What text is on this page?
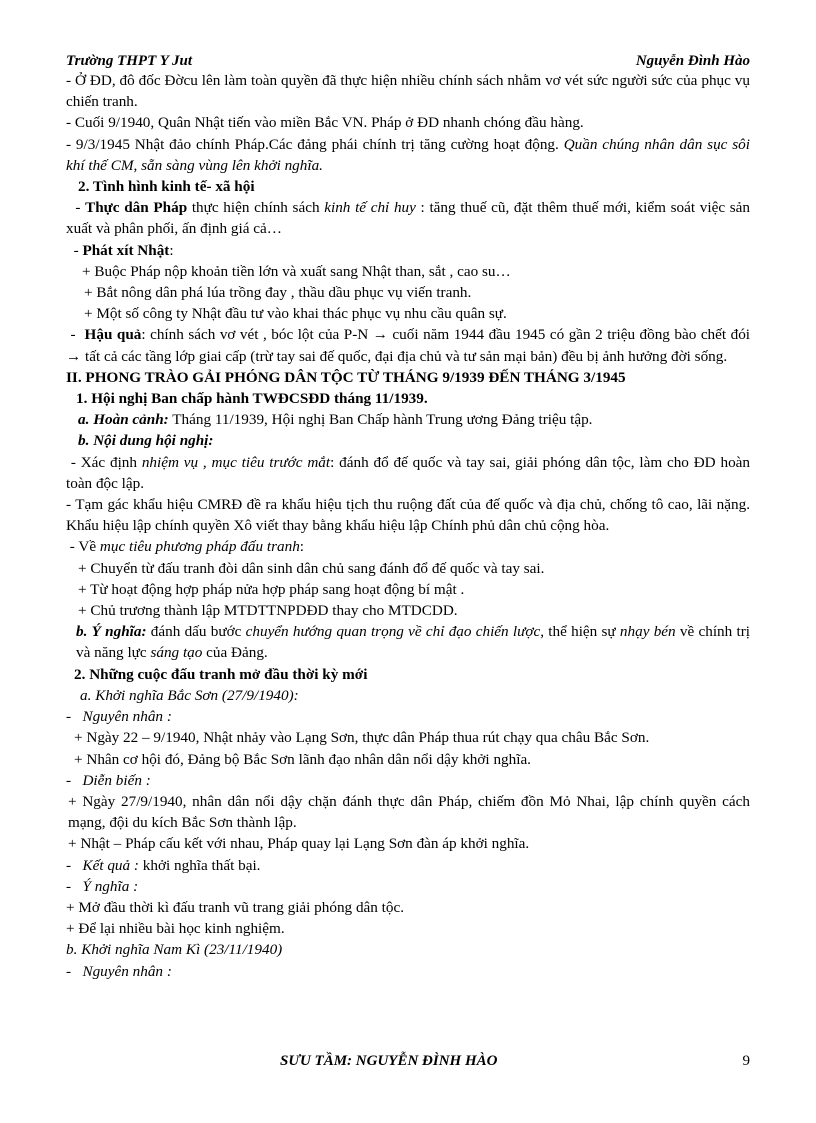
Trường THPT Y Jut	Nguyễn Đình Hào

- Ở ĐD, đô đốc Đờcu lên làm toàn quyền đã thực hiện nhiều chính sách nhằm vơ vét sức người sức của phục vụ chiến tranh.

- Cuối 9/1940, Quân Nhật tiến vào miền Bắc VN. Pháp ở ĐD nhanh chóng đầu hàng.

- 9/3/1945 Nhật đảo chính Pháp.Các đảng phái chính trị tăng cường hoạt động. Quần chúng nhân dân sục sôi khí thế CM, sẵn sàng vùng lên khởi nghĩa.

2. Tình hình kinh tế- xã hội

- Thực dân Pháp thực hiện chính sách kinh tế chỉ huy : tăng thuế cũ, đặt thêm thuế mới, kiểm soát việc sản xuất và phân phối, ấn định giá cả…

- Phát xít Nhật:

+ Buộc Pháp nộp khoản tiền lớn và xuất sang Nhật than, sắt , cao su…

+ Bắt nông dân phá lúa trồng đay , thầu dầu phục vụ viến tranh.

+ Một số công ty Nhật đầu tư vào khai thác phục vụ nhu cầu quân sự.

-  Hậu quả: chính sách vơ vét , bóc lột của P-N → cuối năm 1944 đầu 1945 có gần 2 triệu đồng bào chết đói → tất cả các tầng lớp giai cấp (trừ tay sai đế quốc, đại địa chủ và tư sản mại bản) đều bị ảnh hưởng đời sống.

II. PHONG TRÀO GẢI PHÓNG DÂN TỘC TỪ THÁNG 9/1939 ĐẾN THÁNG 3/1945

1. Hội nghị Ban chấp hành TWĐCSĐD tháng 11/1939.

a. Hoàn cảnh: Tháng 11/1939, Hội nghị Ban Chấp hành Trung ương Đảng triệu tập.

b. Nội dung hội nghị:

- Xác định nhiệm vụ , mục tiêu trước mắt: đánh đổ đế quốc và tay sai, giải phóng dân tộc, làm cho ĐD hoàn toàn độc lập.

- Tạm gác khẩu hiệu CMRĐ đề ra khẩu hiệu tịch thu ruộng đất của đế quốc và địa chủ, chống tô cao, lãi nặng. Khẩu hiệu lập chính quyền Xô viết thay bằng khẩu hiệu lập Chính phủ dân chủ cộng hòa.

- Về mục tiêu phương pháp đấu tranh:

+ Chuyển từ đấu tranh đòi dân sinh dân chủ sang đánh đổ đế quốc và tay sai.

+ Từ hoạt động hợp pháp nửa hợp pháp sang hoạt động bí mật .

+ Chủ trương thành lập MTDTTNPDĐD thay cho MTDCDD.

b. Ý nghĩa: đánh dấu bước chuyển hướng quan trọng về chỉ đạo chiến lược, thể hiện sự nhạy bén về chính trị và năng lực sáng tạo của Đảng.

2. Những cuộc đấu tranh mở đầu thời kỳ mới

a. Khởi nghĩa Bắc Sơn (27/9/1940):

-   Nguyên nhân :

+ Ngày 22 – 9/1940, Nhật nhảy vào Lạng Sơn, thực dân Pháp thua rút chạy qua châu Bắc Sơn.

+ Nhân cơ hội đó, Đảng bộ Bắc Sơn lãnh đạo nhân dân nổi dậy khởi nghĩa.

-   Diễn biến :

+ Ngày 27/9/1940, nhân dân nổi dậy chặn đánh thực dân Pháp, chiếm đồn Mỏ Nhai, lập chính quyền cách mạng, đội du kích Bắc Sơn thành lập.

+ Nhật – Pháp cấu kết với nhau, Pháp quay lại Lạng Sơn đàn áp khởi nghĩa.

-   Kết quả : khởi nghĩa thất bại.

-   Ý nghĩa :

+ Mở đầu thời kì đấu tranh vũ trang giải phóng dân tộc.

+ Để lại nhiều bài học kinh nghiệm.

b. Khởi nghĩa Nam Kì (23/11/1940)

-   Nguyên nhân :

SƯU TẦM: NGUYỄN ĐÌNH HÀO	9
